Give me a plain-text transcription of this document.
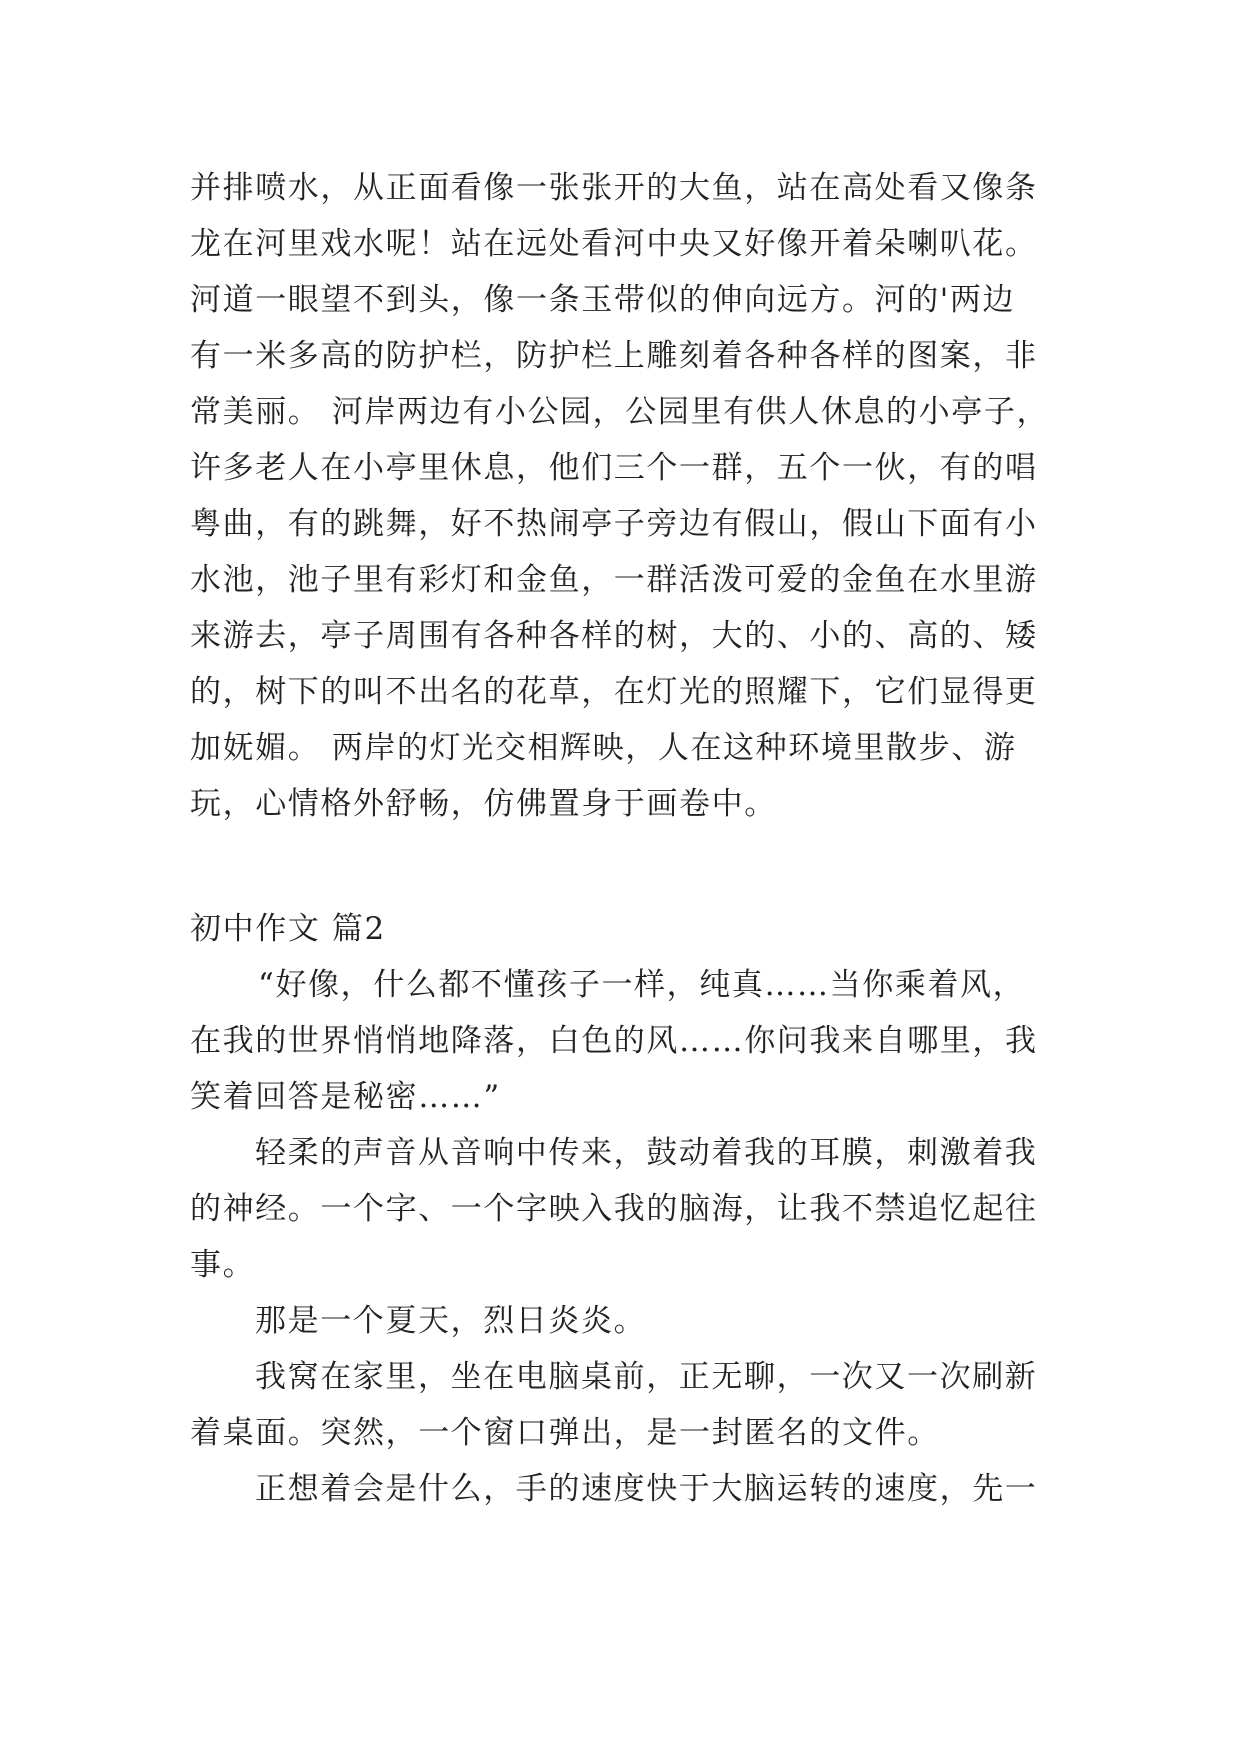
并排喷水，从正面看像一张张开的大鱼，站在高处看又像条
龙在河里戏水呢！站在远处看河中央又好像开着朵喇叭花。
河道一眼望不到头，像一条玉带似的伸向远方。河的'两边
有一米多高的防护栏，防护栏上雕刻着各种各样的图案，非
常美丽。 河岸两边有小公园，公园里有供人休息的小亭子，
许多老人在小亭里休息，他们三个一群，五个一伙，有的唱
粤曲，有的跳舞，好不热闹亭子旁边有假山，假山下面有小
水池，池子里有彩灯和金鱼，一群活泼可爱的金鱼在水里游
来游去，亭子周围有各种各样的树，大的、小的、高的、矮
的，树下的叫不出名的花草，在灯光的照耀下，它们显得更
加妩媚。 两岸的灯光交相辉映，人在这种环境里散步、游
玩，心情格外舒畅，仿佛置身于画卷中。
初中作文 篇2
“好像，什么都不懂孩子一样，纯真……当你乘着风，
在我的世界悄悄地降落，白色的风……你问我来自哪里，我
笑着回答是秘密……”
轻柔的声音从音响中传来，鼓动着我的耳膜，刺激着我
的神经。一个字、一个字映入我的脑海，让我不禁追忆起往
事。
那是一个夏天，烈日炎炎。
我窝在家里，坐在电脑桌前，正无聊，一次又一次刷新
着桌面。突然，一个窗口弹出，是一封匿名的文件。
正想着会是什么，手的速度快于大脑运转的速度，先一
